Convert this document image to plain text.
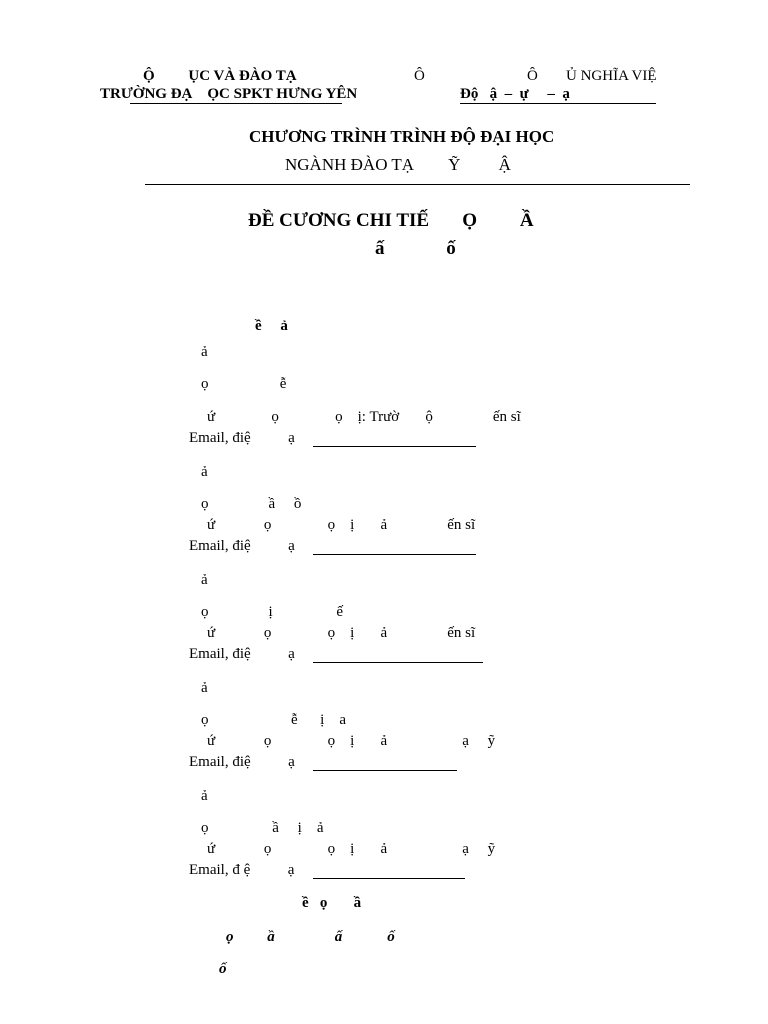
Ộ         ỤC VÀ ĐÀO TẠ
TRƯỜNG ĐẠ    ỌC SPKT HƯNG YÊN
Ô	Ô Ủ NGHĨA VIỆ
Độ   ậ  –  ự     –  ạ
CHƯƠNG TRÌNH TRÌNH ĐỘ ĐẠI HỌC
NGÀNH ĐÀO TẠ        Ỹ         Ậ
ĐỀ CƯƠNG CHI TIẾ       Ọ         Ầ
ấ             ố
ề     ả
ả
ọ                   ễ
ứ               ọ               ọ    ị: Trườ       ộ                ến sĩ
Email, điệ          ạ
ả
ọ                ầ     ồ
ứ             ọ               ọ    ị       ả                ến sĩ
Email, điệ          ạ
ả
ọ                ị                 ế
ứ             ọ               ọ    ị       ả                ến sĩ
Email, điệ          ạ
ả
ọ                      ễ      ị    a
ứ             ọ               ọ    ị       ả                    ạ     ỹ
Email, điệ          ạ
ả
ọ                 ầ     ị    ả
ứ             ọ               ọ    ị       ả                    ạ     ỹ
Email, đ ệ          ạ
ề   ọ       ầ
ọ         ầ                ấ            ố
ố
